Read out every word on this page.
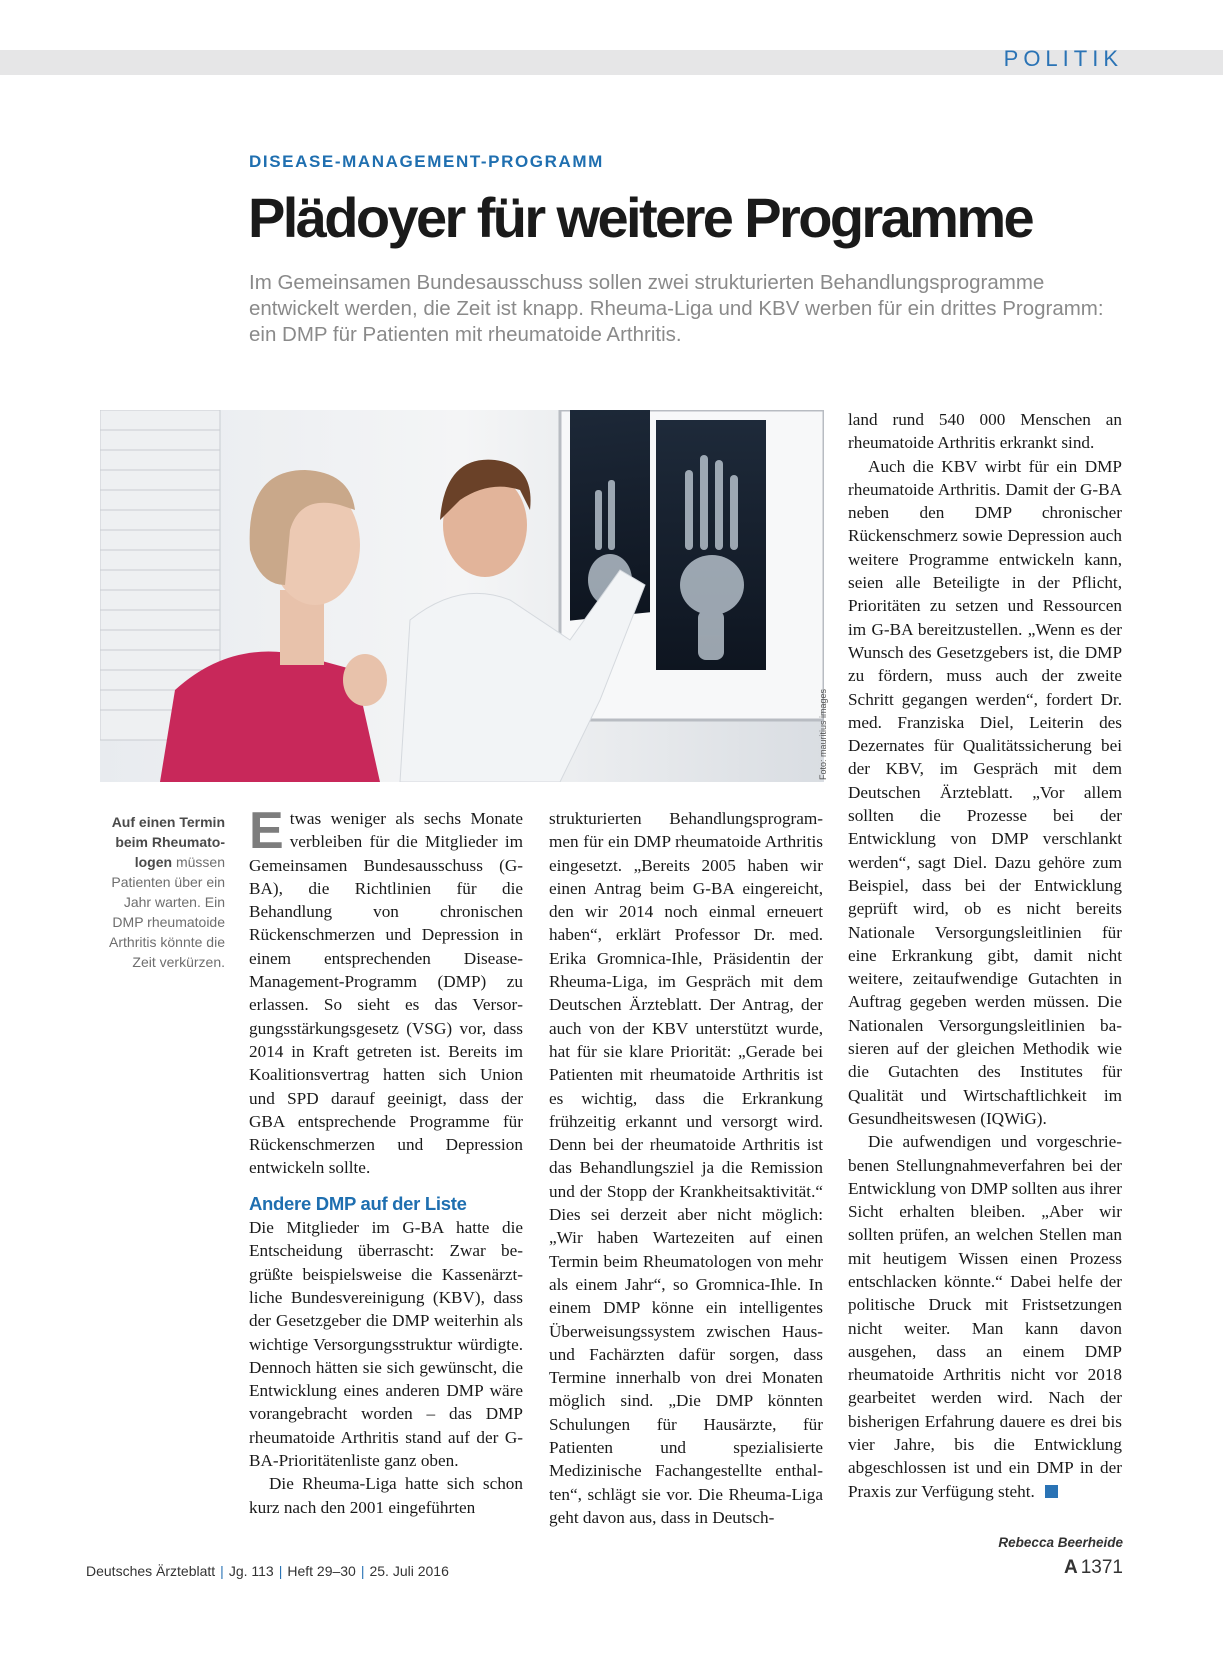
POLITIK
DISEASE-MANAGEMENT-PROGRAMM
Plädoyer für weitere Programme

Im Gemeinsamen Bundesausschuss sollen zwei strukturierten Behandlungsprogramme entwickelt werden, die Zeit ist knapp. Rheuma-Liga und KBV werben für ein drittes Programm: ein DMP für Patienten mit rheumatoide Arthritis.

Foto: mauritius images
Auf einen Termin beim Rheumatologen müssen Patienten über ein Jahr warten. Ein DMP rheumatoide Arthritis könnte die Zeit verkürzen.

Etwas weniger als sechs Monate verbleiben für die Mitglieder im Gemeinsamen Bundesausschuss (G-BA), die Richtlinien für die Behandlung von chronischen Rückenschmerzen und Depression in einem entsprechenden Disease-Management-Programm (DMP) zu erlassen. So sieht es das Versorgungsstärkungsgesetz (VSG) vor, dass 2014 in Kraft getreten ist. Bereits im Koalitionsvertrag hatten sich Union und SPD darauf geeinigt, dass der GBA entsprechende Programme für Rückenschmerzen und Depression entwickeln sollte.

Andere DMP auf der Liste

Die Mitglieder im G-BA hatte die Entscheidung überrascht: Zwar begrüßte beispielsweise die Kassenärztliche Bundesvereinigung (KBV), dass der Gesetzgeber die DMP weiterhin als wichtige Versorgungsstruktur würdigte. Dennoch hätten sie sich gewünscht, die Entwicklung eines anderen DMP wäre vorangebracht worden – das DMP rheumatoide Arthritis stand auf der G-BA-Prioritätenliste ganz oben.

Die Rheuma-Liga hatte sich schon kurz nach den 2001 eingeführten

strukturierten Behandlungsprogrammen für ein DMP rheumatoide Arthritis eingesetzt. „Bereits 2005 haben wir einen Antrag beim G-BA eingereicht, den wir 2014 noch einmal erneuert haben“, erklärt Professor Dr. med. Erika Gromnica-Ihle, Präsidentin der Rheuma-Liga, im Gespräch mit dem Deutschen Ärzteblatt. Der Antrag, der auch von der KBV unterstützt wurde, hat für sie klare Priorität: „Gerade bei Patienten mit rheumatoide Arthritis ist es wichtig, dass die Erkrankung frühzeitig erkannt und versorgt wird. Denn bei der rheumatoide Arthritis ist das Behandlungsziel ja die Remission und der Stopp der Krankheitsaktivität.“ Dies sei derzeit aber nicht möglich: „Wir haben Wartezeiten auf einen Termin beim Rheumatologen von mehr als einem Jahr“, so Gromnica-Ihle. In einem DMP könne ein intelligentes Überweisungssystem zwischen Haus- und Fachärzten dafür sorgen, dass Termine innerhalb von drei Monaten möglich sind. „Die DMP könnten Schulungen für Hausärzte, für Patienten und spezialisierte Medizinische Fachangestellte enthalten“, schlägt sie vor. Die Rheuma-Liga geht davon aus, dass in Deutsch-

land rund 540 000 Menschen an rheumatoide Arthritis erkrankt sind.

Auch die KBV wirbt für ein DMP rheumatoide Arthritis. Damit der G-BA neben den DMP chronischer Rückenschmerz sowie Depression auch weitere Programme entwickeln kann, seien alle Beteiligte in der Pflicht, Prioritäten zu setzen und Ressourcen im G-BA bereitzustellen. „Wenn es der Wunsch des Gesetzgebers ist, die DMP zu fördern, muss auch der zweite Schritt gegangen werden“, fordert Dr. med. Franziska Diel, Leiterin des Dezernates für Qualitätssicherung bei der KBV, im Gespräch mit dem Deutschen Ärzteblatt. „Vor allem sollten die Prozesse bei der Entwicklung von DMP verschlankt werden“, sagt Diel. Dazu gehöre zum Beispiel, dass bei der Entwicklung geprüft wird, ob es nicht bereits Nationale Versorgungsleitlinien für eine Erkrankung gibt, damit nicht weitere, zeitaufwendige Gutachten in Auftrag gegeben werden müssen. Die Nationalen Versorgungsleitlinien basieren auf der gleichen Methodik wie die Gutachten des Institutes für Qualität und Wirtschaftlichkeit im Gesundheitswesen (IQWiG).

Die aufwendigen und vorgeschriebenen Stellungnahmeverfahren bei der Entwicklung von DMP sollten aus ihrer Sicht erhalten bleiben. „Aber wir sollten prüfen, an welchen Stellen man mit heutigem Wissen einen Prozess entschlacken könnte.“ Dabei helfe der politische Druck mit Fristsetzungen nicht weiter. Man kann davon ausgehen, dass an einem DMP rheumatoide Arthritis nicht vor 2018 gearbeitet werden wird. Nach der bisherigen Erfahrung dauere es drei bis vier Jahre, bis die Entwicklung abgeschlossen ist und ein DMP in der Praxis zur Verfügung steht.

Rebecca Beerheide
Deutsches Ärzteblatt | Jg. 113 | Heft 29–30 | 25. Juli 2016	A 1371
